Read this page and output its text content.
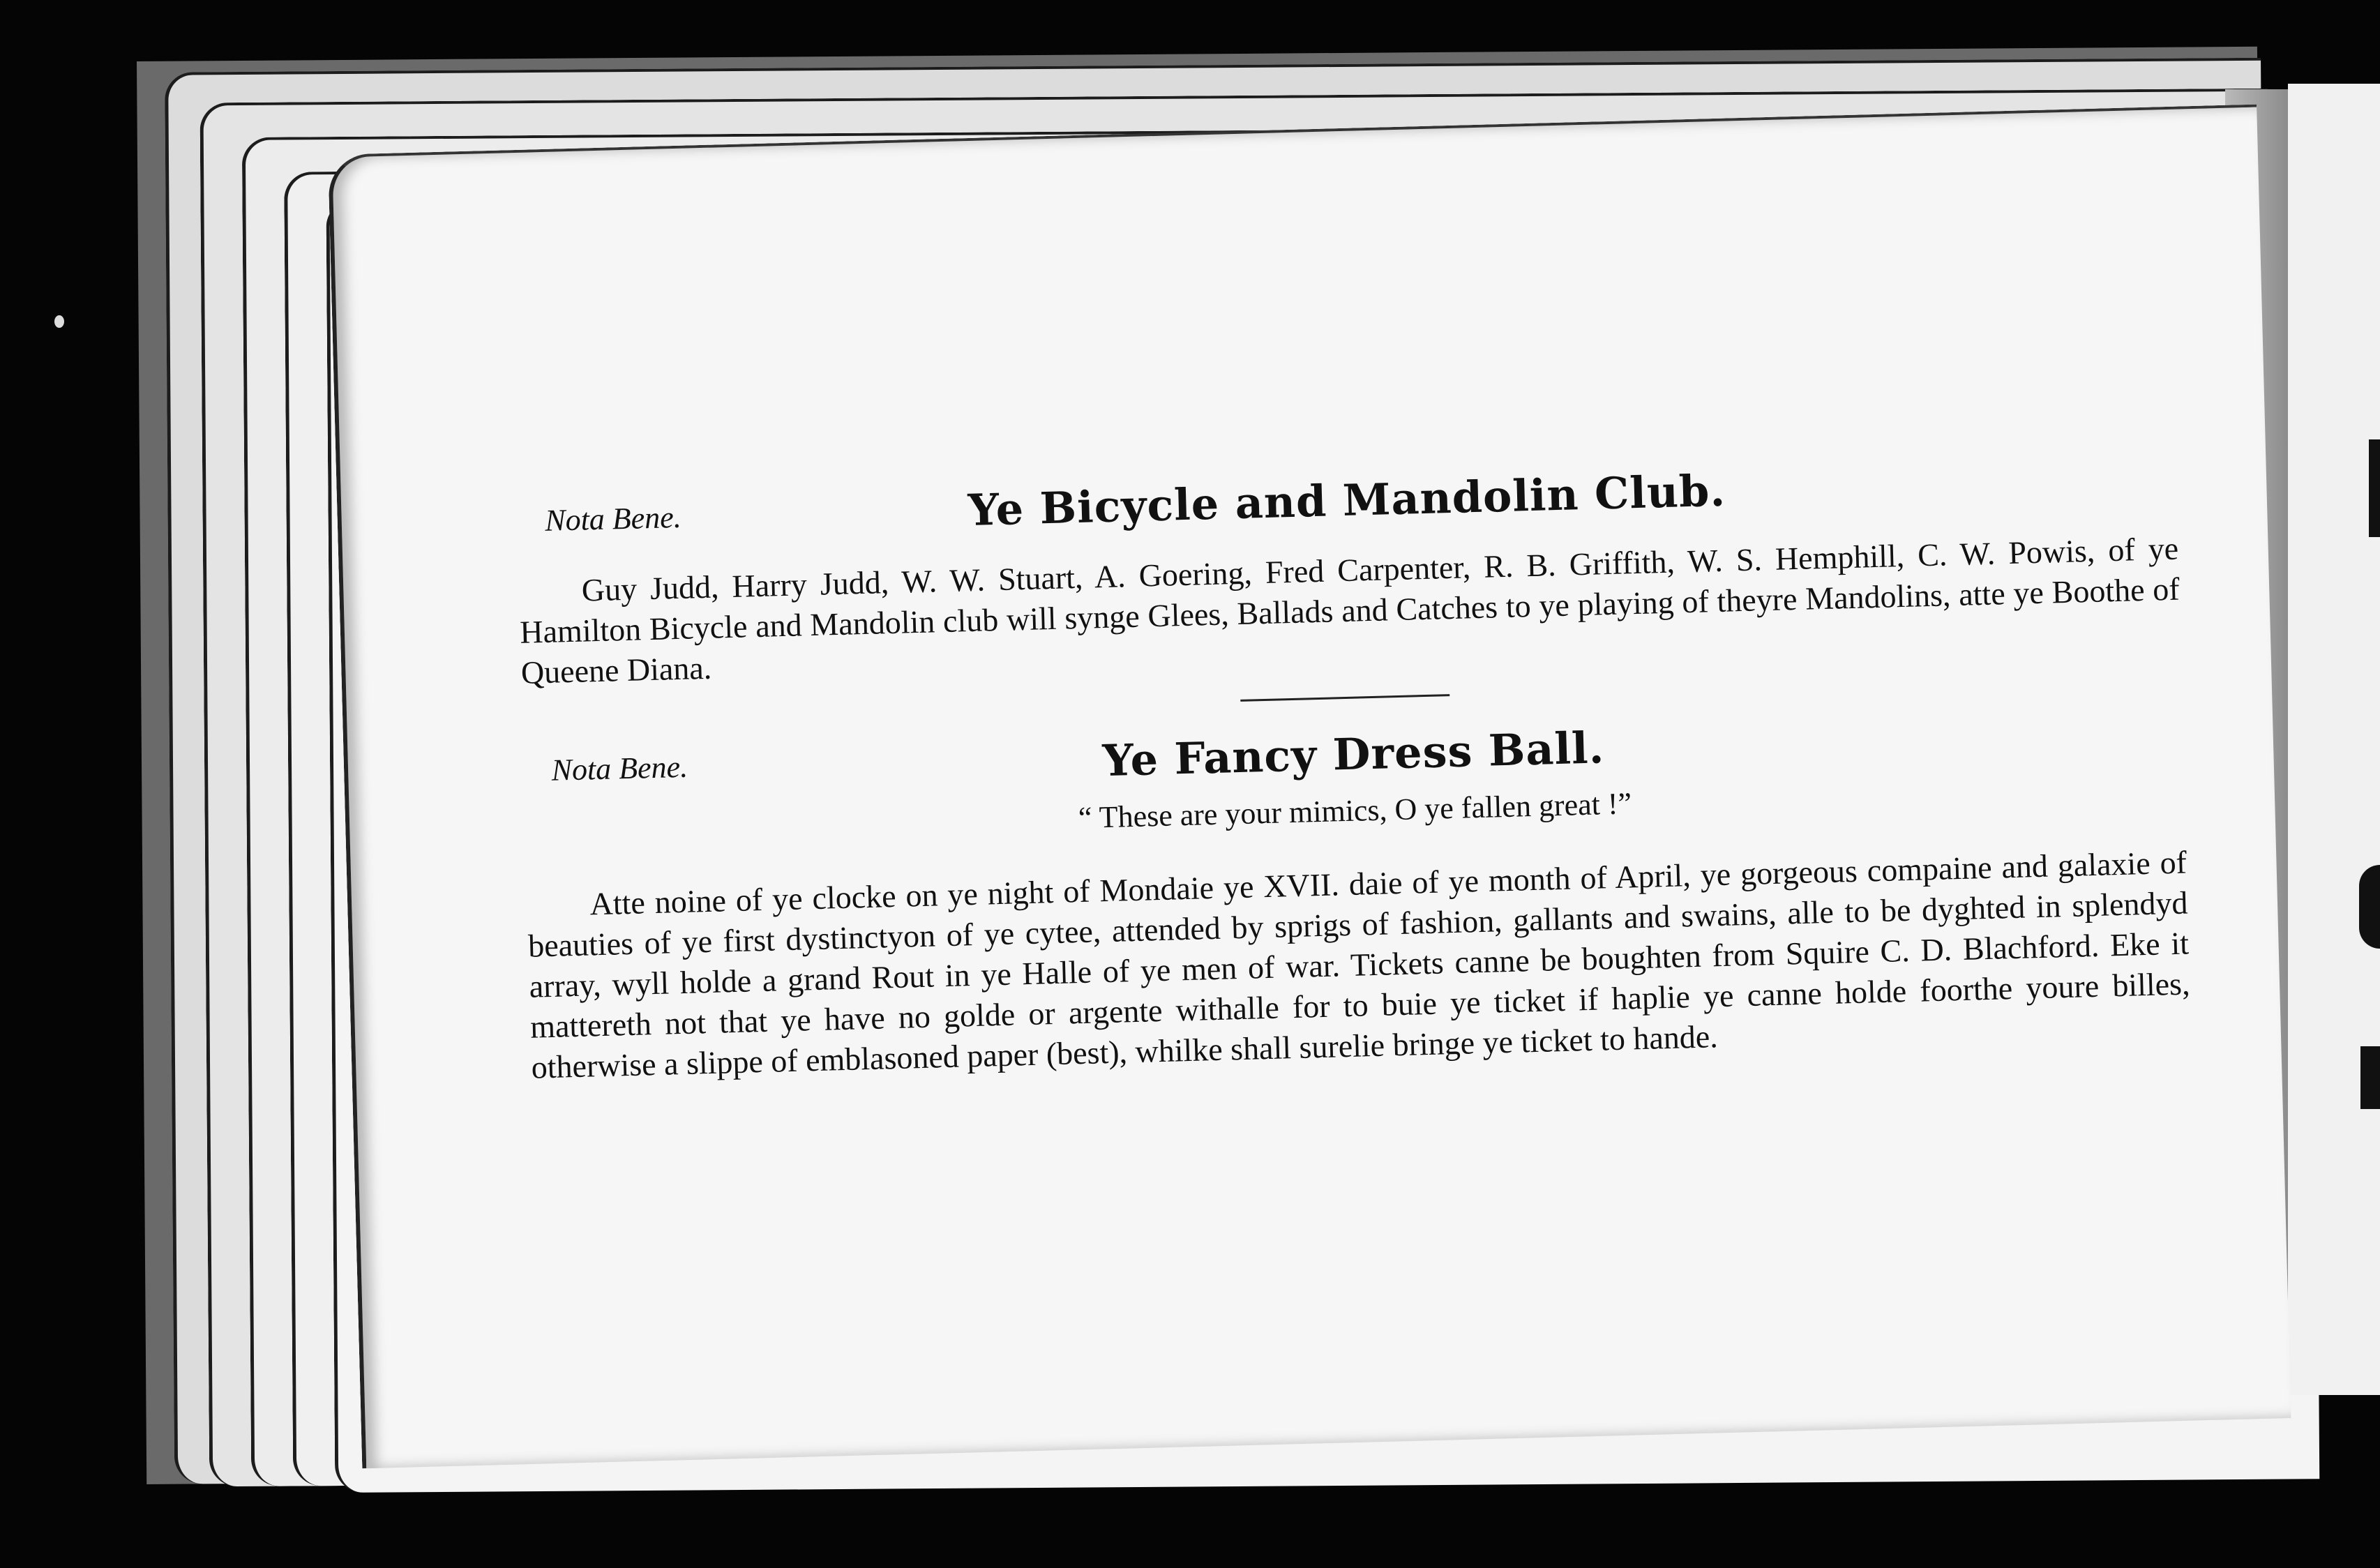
Nota Bene.	Ye Bicycle and Mandolin Club.
Guy Judd, Harry Judd, W. W. Stuart, A. Goering, Fred Carpenter, R. B. Griffith, W. S. Hemphill, C. W. Powis, of ye Hamilton Bicycle and Mandolin club will synge Glees, Ballads and Catches to ye playing of theyre Mandolins, atte ye Boothe of Queene Diana.
Nota Bene.	Ye Fancy Dress Ball.
“ These are your mimics, O ye fallen great !”
Atte noine of ye clocke on ye night of Mondaie ye XVII. daie of ye month of April, ye gorgeous compaine and galaxie of beauties of ye first dystinctyon of ye cytee, attended by sprigs of fashion, gallants and swains, alle to be dyghted in splendyd array, wyll holde a grand Rout in ye Halle of ye men of war. Tickets canne be boughten from Squire C. D. Blachford. Eke it mattereth not that ye have no golde or argente withalle for to buie ye ticket if haplie ye canne holde foorthe youre billes, otherwise a slippe of emblasoned paper (best), whilke shall surelie bringe ye ticket to hande.
